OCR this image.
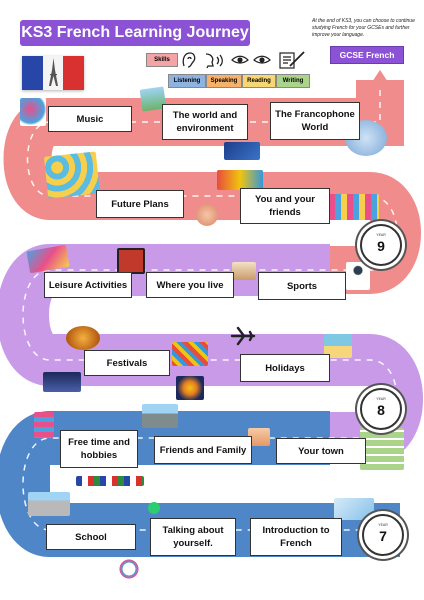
KS3 French Learning Journey
Skills
Listening	Speaking	Reading	Writing
At the end of KS3, you can choose to continue studying French for your GCSEs and further improve your language.
GCSE French
Music	The world and environment
The Francophone World
Future Plans	You and your friends
Leisure Activities	Where you live	Sports
Festivals	Holidays
Free time and hobbies	Friends and Family	Your town
School
Talking about yourself.
Introduction to French
YEAR
9
YEAR
8
YEAR
7
